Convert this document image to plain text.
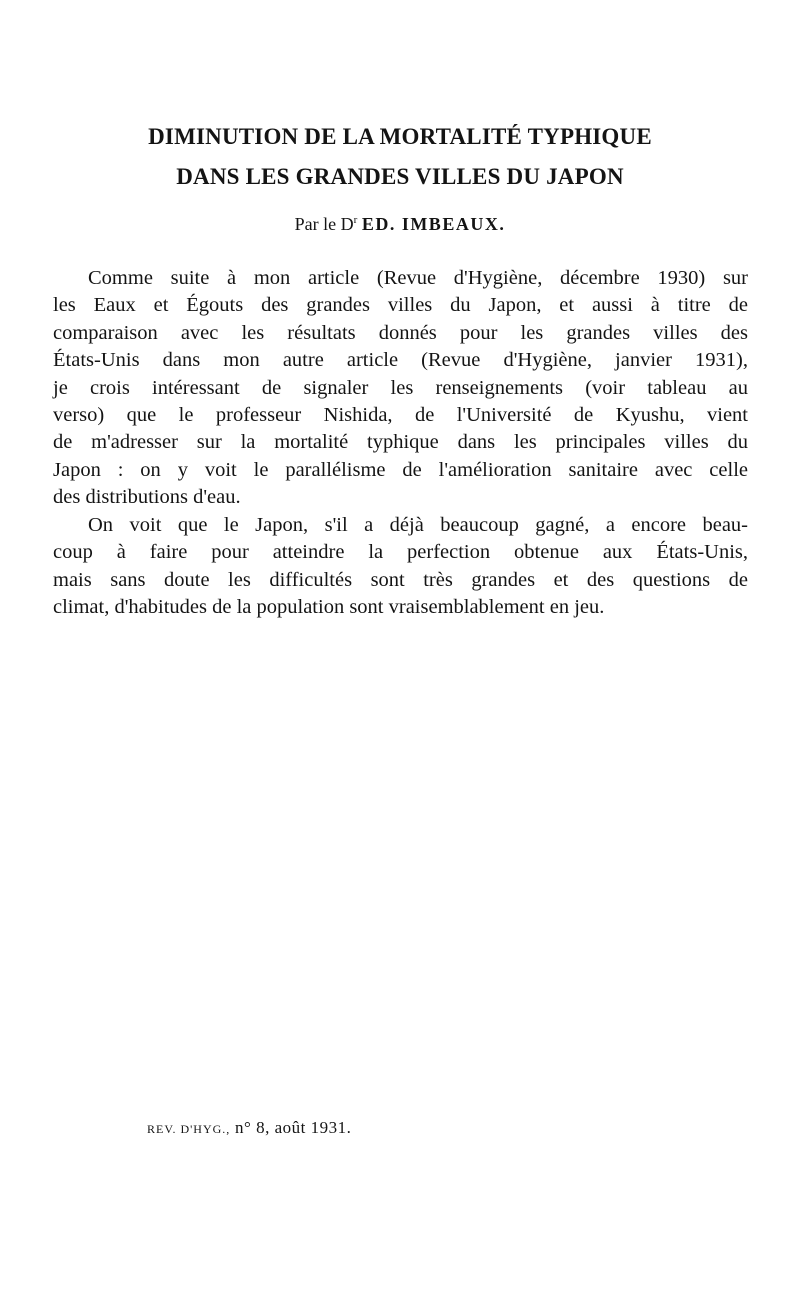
DIMINUTION DE LA MORTALITÉ TYPHIQUE
DANS LES GRANDES VILLES DU JAPON
Par le $D^r$ ED. IMBEAUX.
Comme suite à mon article (Revue d'Hygiène, décembre 1930) sur
les Eaux et Égouts des grandes villes du Japon, et aussi à titre de
comparaison avec les résultats donnés pour les grandes villes des
États-Unis dans mon autre article (Revue d'Hygiène, janvier 1931),
je crois intéressant de signaler les renseignements (voir tableau au
verso) que le professeur Nishida, de l'Université de Kyushu, vient
de m'adresser sur la mortalité typhique dans les principales villes du
Japon : on y voit le parallélisme de l'amélioration sanitaire avec celle
des distributions d'eau.
On voit que le Japon, s'il a déjà beaucoup gagné, a encore beau-
coup à faire pour atteindre la perfection obtenue aux États-Unis,
mais sans doute les difficultés sont très grandes et des questions de
climat, d'habitudes de la population sont vraisemblablement en jeu.
REV. D'HYG., n° 8, août 1931.
